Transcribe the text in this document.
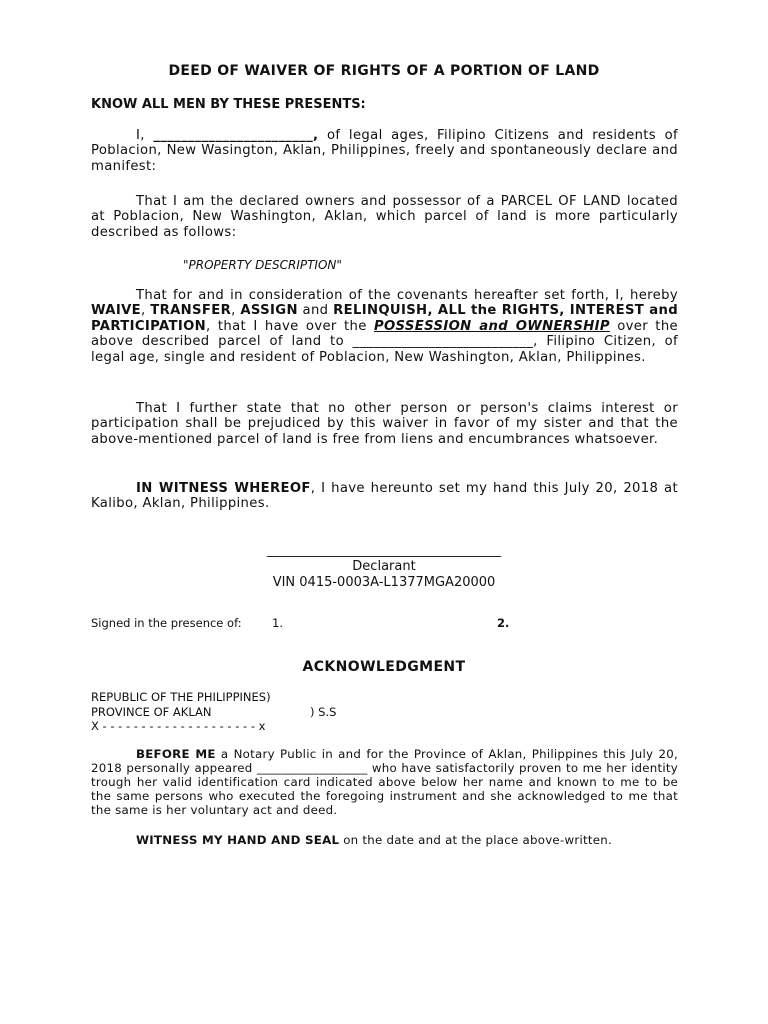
DEED OF WAIVER OF RIGHTS OF A PORTION OF LAND
KNOW ALL MEN BY THESE PRESENTS:
I, _______________________, of legal ages, Filipino Citizens and residents of Poblacion, New Wasington, Aklan, Philippines, freely and spontaneously declare and manifest:
That I am the declared owners and possessor of a PARCEL OF LAND located at Poblacion, New Washington, Aklan, which parcel of land is more particularly described as follows:
"PROPERTY DESCRIPTION"
That for and in consideration of the covenants hereafter set forth, I, hereby WAIVE, TRANSFER, ASSIGN and RELINQUISH, ALL the RIGHTS, INTEREST and PARTICIPATION, that I have over the POSSESSION and OWNERSHIP over the above described parcel of land to __________________________, Filipino Citizen, of legal age, single and resident of Poblacion, New Washington, Aklan, Philippines.
That I further state that no other person or person's claims interest or participation shall be prejudiced by this waiver in favor of my sister and that the above-mentioned parcel of land is free from liens and encumbrances whatsoever.
IN WITNESS WHEREOF, I have hereunto set my hand this July 20, 2018 at Kalibo, Aklan, Philippines.
____________________________________
Declarant
VIN 0415-0003A-L1377MGA20000
Signed in the presence of:	1.	2.
ACKNOWLEDGMENT
REPUBLIC OF THE PHILIPPINES)
PROVINCE OF AKLAN	) S.S
X - - - - - - - - - - - - - - - - - - - - x
BEFORE ME a Notary Public in and for the Province of Aklan, Philippines this July 20, 2018 personally appeared __________________ who have satisfactorily proven to me her identity trough her valid identification card indicated above below her name and known to me to be the same persons who executed the foregoing instrument and she acknowledged to me that the same is her voluntary act and deed.
WITNESS MY HAND AND SEAL on the date and at the place above-written.
